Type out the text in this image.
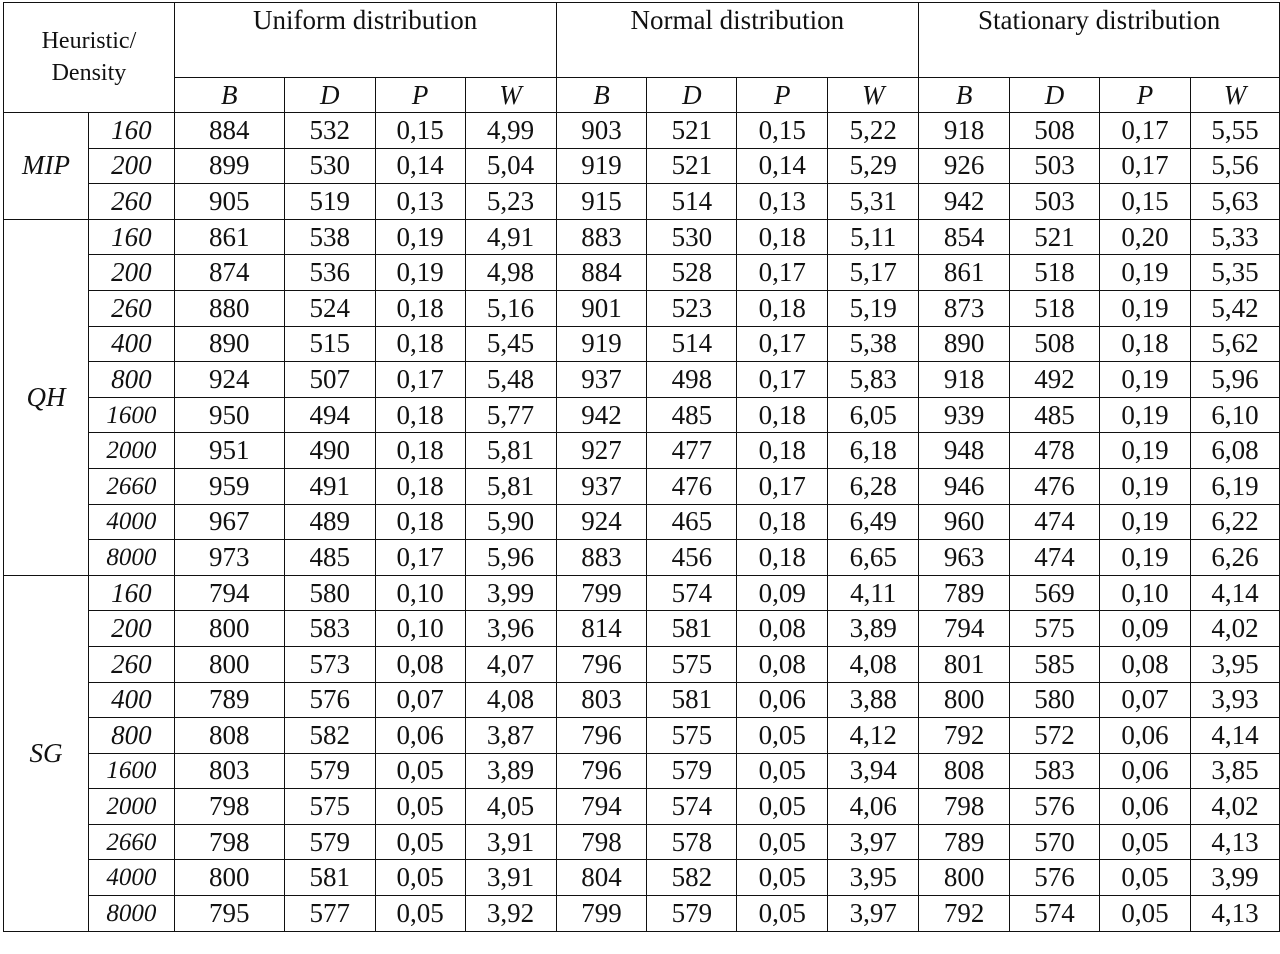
Heuristic/ Density		Uniform distribution				Normal distribution				Stationary distribution			
		B	D	P	W	B	D	P	W	B	D	P	W
MIP	160	884	532	0,15	4,99	903	521	0,15	5,22	918	508	0,17	5,55
	200	899	530	0,14	5,04	919	521	0,14	5,29	926	503	0,17	5,56
	260	905	519	0,13	5,23	915	514	0,13	5,31	942	503	0,15	5,63
QH	160	861	538	0,19	4,91	883	530	0,18	5,11	854	521	0,20	5,33
	200	874	536	0,19	4,98	884	528	0,17	5,17	861	518	0,19	5,35
	260	880	524	0,18	5,16	901	523	0,18	5,19	873	518	0,19	5,42
	400	890	515	0,18	5,45	919	514	0,17	5,38	890	508	0,18	5,62
	800	924	507	0,17	5,48	937	498	0,17	5,83	918	492	0,19	5,96
	1600	950	494	0,18	5,77	942	485	0,18	6,05	939	485	0,19	6,10
	2000	951	490	0,18	5,81	927	477	0,18	6,18	948	478	0,19	6,08
	2660	959	491	0,18	5,81	937	476	0,17	6,28	946	476	0,19	6,19
	4000	967	489	0,18	5,90	924	465	0,18	6,49	960	474	0,19	6,22
	8000	973	485	0,17	5,96	883	456	0,18	6,65	963	474	0,19	6,26
SG	160	794	580	0,10	3,99	799	574	0,09	4,11	789	569	0,10	4,14
	200	800	583	0,10	3,96	814	581	0,08	3,89	794	575	0,09	4,02
	260	800	573	0,08	4,07	796	575	0,08	4,08	801	585	0,08	3,95
	400	789	576	0,07	4,08	803	581	0,06	3,88	800	580	0,07	3,93
	800	808	582	0,06	3,87	796	575	0,05	4,12	792	572	0,06	4,14
	1600	803	579	0,05	3,89	796	579	0,05	3,94	808	583	0,06	3,85
	2000	798	575	0,05	4,05	794	574	0,05	4,06	798	576	0,06	4,02
	2660	798	579	0,05	3,91	798	578	0,05	3,97	789	570	0,05	4,13
	4000	800	581	0,05	3,91	804	582	0,05	3,95	800	576	0,05	3,99
	8000	795	577	0,05	3,92	799	579	0,05	3,97	792	574	0,05	4,13
